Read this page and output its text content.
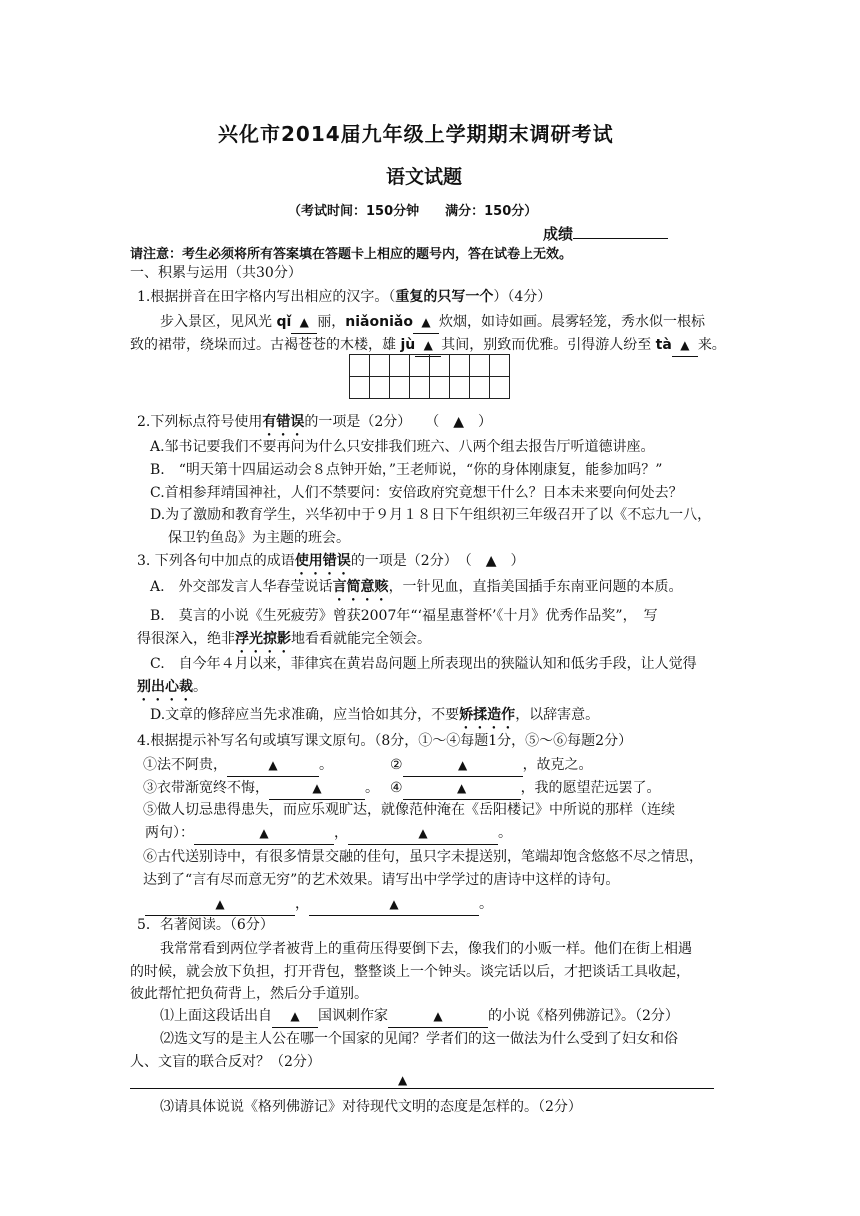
兴化市2014届九年级上学期期末调研考试
语文试题
（考试时间：150分钟　　满分：150分）
成绩
请注意：考生必须将所有答案填在答题卡上相应的题号内，答在试卷上无效。
一、积累与运用（共30分）
1.根据拼音在田字格内写出相应的汉字。（重复的只写一个）（4分）
步入景区，见风光 qǐ ▲ 丽，niǎoniǎo ▲ 炊烟，如诗如画。晨雾轻笼，秀水似一根标
致的裙带，绕垛而过。古褐苍苍的木楼，雄 jù ▲ 其间，别致而优雅。引得游人纷至 tà ▲ 来。

2.下列标点符号使用有错误的一项是（2分）　　（　▲　）
A.邹书记要我们不要再问为什么只安排我们班六、八两个组去报告厅听道德讲座。
B.　“明天第十四届运动会８点钟开始，”王老师说，“你的身体刚康复，能参加吗？”
C.首相参拜靖国神社，人们不禁要问：安倍政府究竟想干什么？日本未来要向何处去？
D.为了激励和教育学生，兴华初中于９月１８日下午组织初三年级召开了以《不忘九一八，
保卫钓鱼岛》为主题的班会。
3. 下列各句中加点的成语使用错误的一项是（2分）　（　▲　）
A.　外交部发言人华春莹说话言简意赅，一针见血，直指美国插手东南亚问题的本质。
B.　莫言的小说《生死疲劳》曾获2007年“‘福星惠誉杯’《十月》优秀作品奖”，　写
得很深入，绝非浮光掠影地看看就能完全领会。
C.　自今年４月以来，菲律宾在黄岩岛问题上所表现出的狭隘认知和低劣手段，让人觉得
别出心裁。
D.文章的修辞应当先求准确，应当恰如其分，不要矫揉造作，以辞害意。
4.根据提示补写名句或填写课文原句。（8分，①～④每题1分，⑤～⑥每题2分）
①法不阿贵，	▲	。	②	▲	，故克之。
③衣带渐宽终不悔，	▲	。 ④	▲	，我的愿望茫远罢了。
⑤做人切忌患得患失，而应乐观旷达，就像范仲淹在《岳阳楼记》中所说的那样（连续
两句）：	▲	，	▲	。
⑥古代送别诗中，有很多情景交融的佳句，虽只字未提送别，笔端却饱含悠悠不尽之情思，
达到了“言有尽而意无穷”的艺术效果。请写出中学学过的唐诗中这样的诗句。
▲	，	▲	。
5．名著阅读。（6分）
我常常看到两位学者被背上的重荷压得要倒下去，像我们的小贩一样。他们在街上相遇
的时候，就会放下负担，打开背包，整整谈上一个钟头。谈完话以后，才把谈话工具收起，
彼此帮忙把负荷背上，然后分手道别。
⑴上面这段话出自 ▲ 国讽刺作家	▲	的小说《格列佛游记》。（2分）
⑵选文写的是主人公在哪一个国家的见闻？学者们的这一做法为什么受到了妇女和俗
人、文盲的联合反对？（2分）
▲
⑶请具体说说《格列佛游记》对待现代文明的态度是怎样的。（2分）
